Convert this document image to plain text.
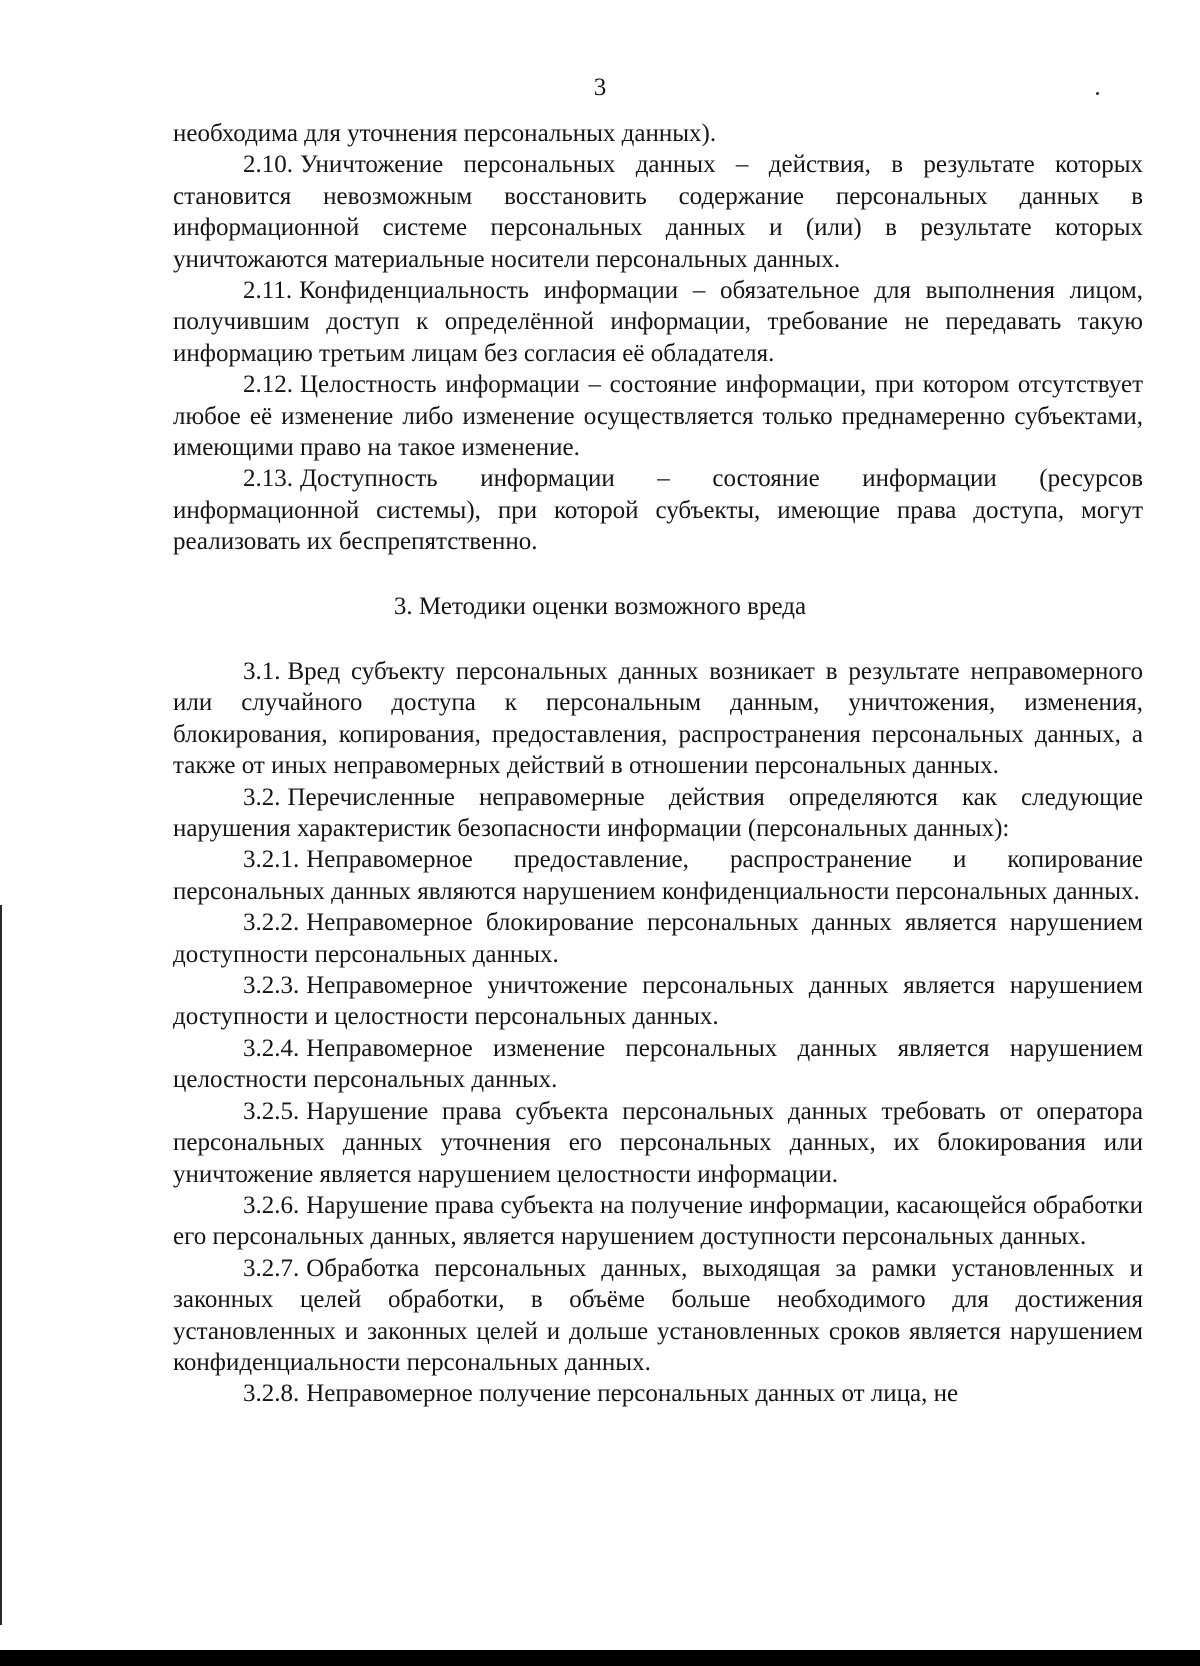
3

необходима для уточнения персональных данных).

2.10. Уничтожение персональных данных – действия, в результате которых становится невозможным восстановить содержание персональных данных в информационной системе персональных данных и (или) в результате которых уничтожаются материальные носители персональных данных.

2.11. Конфиденциальность информации – обязательное для выполнения лицом, получившим доступ к определённой информации, требование не передавать такую информацию третьим лицам без согласия её обладателя.

2.12. Целостность информации – состояние информации, при котором отсутствует любое её изменение либо изменение осуществляется только преднамеренно субъектами, имеющими право на такое изменение.

2.13. Доступность информации – состояние информации (ресурсов информационной системы), при которой субъекты, имеющие права доступа, могут реализовать их беспрепятственно.

3. Методики оценки возможного вреда

3.1. Вред субъекту персональных данных возникает в результате неправомерного или случайного доступа к персональным данным, уничтожения, изменения, блокирования, копирования, предоставления, распространения персональных данных, а также от иных неправомерных действий в отношении персональных данных.

3.2. Перечисленные неправомерные действия определяются как следующие нарушения характеристик безопасности информации (персональных данных):

3.2.1. Неправомерное предоставление, распространение и копирование персональных данных являются нарушением конфиденциальности персональных данных.

3.2.2. Неправомерное блокирование персональных данных является нарушением доступности персональных данных.

3.2.3. Неправомерное уничтожение персональных данных является нарушением доступности и целостности персональных данных.

3.2.4. Неправомерное изменение персональных данных является нарушением целостности персональных данных.

3.2.5. Нарушение права субъекта персональных данных требовать от оператора персональных данных уточнения его персональных данных, их блокирования или уничтожение является нарушением целостности информации.

3.2.6. Нарушение права субъекта на получение информации, касающейся обработки его персональных данных, является нарушением доступности персональных данных.

3.2.7. Обработка персональных данных, выходящая за рамки установленных и законных целей обработки, в объёме больше необходимого для достижения установленных и законных целей и дольше установленных сроков является нарушением конфиденциальности персональных данных.

3.2.8. Неправомерное получение персональных данных от лица, не
